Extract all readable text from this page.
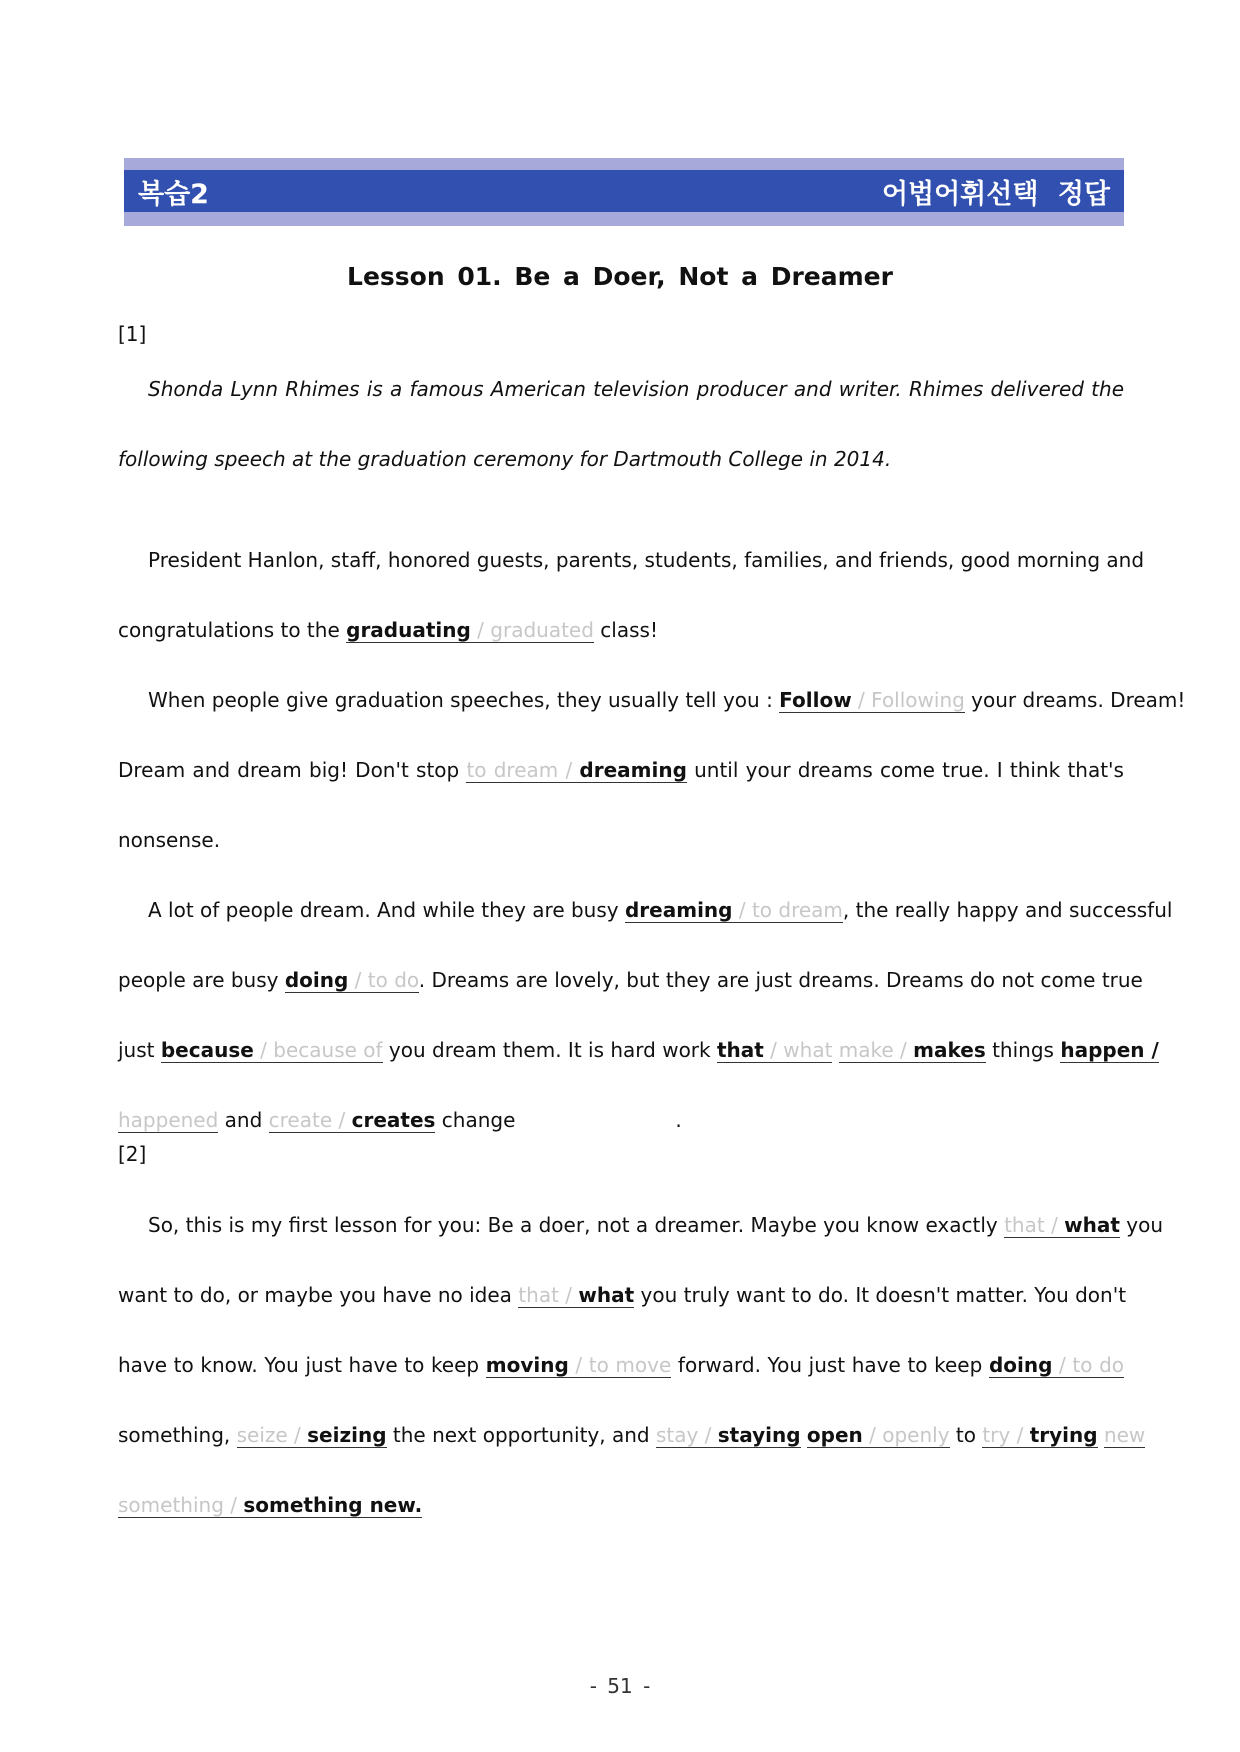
복습2	어법어휘선택 정답
Lesson 01. Be a Doer, Not a Dreamer
[1]
Shonda Lynn Rhimes is a famous American television producer and writer. Rhimes delivered the
following speech at the graduation ceremony for Dartmouth College in 2014.
President Hanlon, staff, honored guests, parents, students, families, and friends, good morning and
congratulations to the graduating / graduated class!
When people give graduation speeches, they usually tell you : Follow / Following your dreams. Dream!
Dream and dream big! Don't stop to dream / dreaming until your dreams come true. I think that's
nonsense.
A lot of people dream. And while they are busy dreaming / to dream, the really happy and successful
people are busy doing / to do. Dreams are lovely, but they are just dreams. Dreams do not come true
just because / because of you dream them. It is hard work that / what make / makes things happen /
happened and create / creates change	.
[2]
So, this is my first lesson for you: Be a doer, not a dreamer. Maybe you know exactly that / what you
want to do, or maybe you have no idea that / what you truly want to do. It doesn't matter. You don't
have to know. You just have to keep moving / to move forward. You just have to keep doing / to do
something, seize / seizing the next opportunity, and stay / staying open / openly to try / trying new
something / something new.
- 51 -
